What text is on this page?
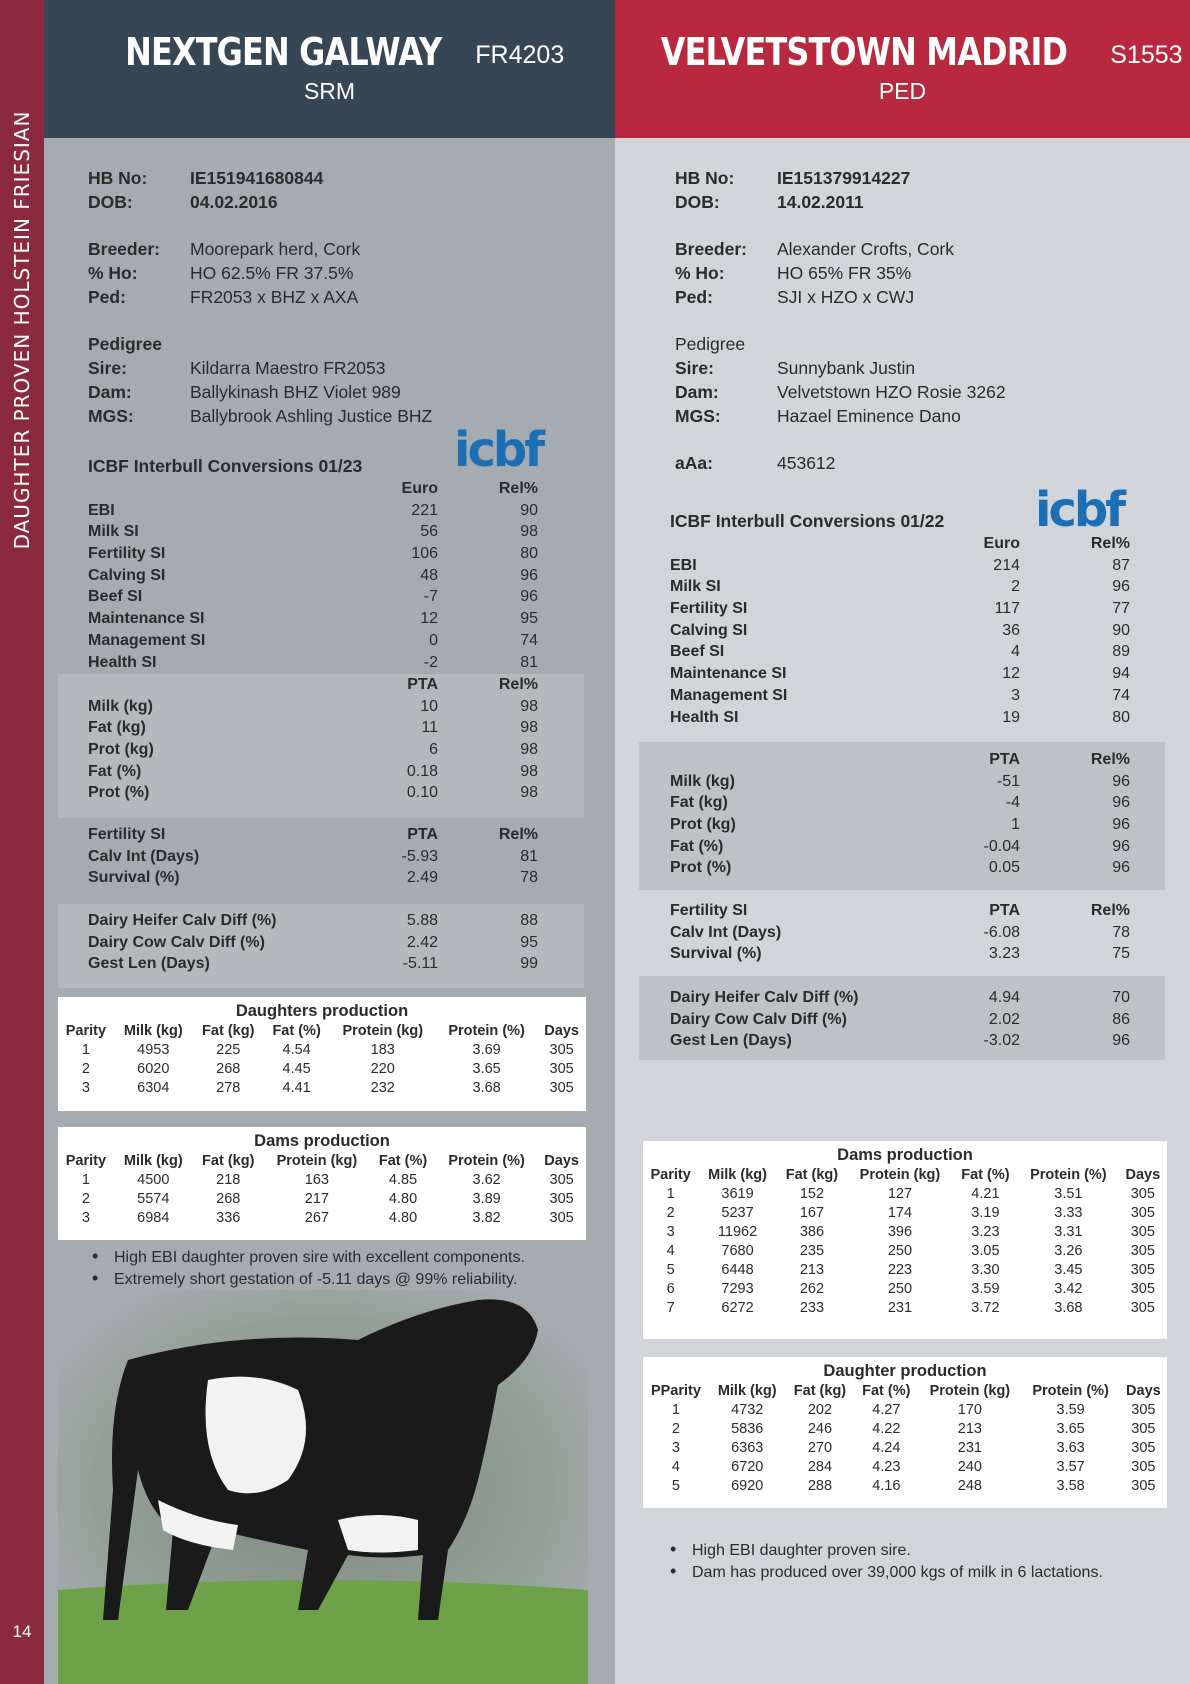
DAUGHTER PROVEN HOLSTEIN FRIESIAN
14
NEXTGEN GALWAY FR4203
SRM
HB No: IE151941680844
DOB:	04.02.2016
Breeder: Moorepark herd, Cork
% Ho:	HO 62.5% FR 37.5%
Ped:	FR2053 x BHZ x AXA
Pedigree
Sire:	Kildarra Maestro FR2053
Dam:	Ballykinash BHZ Violet 989
MGS:	Ballybrook Ashling Justice BHZ
icbf
ICBF Interbull Conversions 01/23
Euro	Rel%
EBI	221	90
Milk SI	56	98
Fertility SI	106	80
Calving SI	48	96
Beef SI	-7	96
Maintenance SI	12	95
Management SI	0	74
Health SI	-2	81
PTA	Rel%
Milk (kg)	10	98
Fat (kg)	11	98
Prot (kg)	6	98
Fat (%)	0.18	98
Prot (%)	0.10	98
Fertility SI	PTA	Rel%
Calv Int (Days)	-5.93	81
Survival (%)	2.49	78
Dairy Heifer Calv Diff (%)	5.88	88
Dairy Cow Calv Diff (%)	2.42	95
Gest Len (Days)	-5.11	99
Daughters production
Parity	Milk (kg)	Fat (kg)	Fat (%)	Protein (kg)	Protein (%)	Days
1	4953	225	4.54	183	3.69	305
2	6020	268	4.45	220	3.65	305
3	6304	278	4.41	232	3.68	305
Dams production
Parity	Milk (kg)	Fat (kg)	Protein (kg)	Fat (%)	Protein (%)	Days
1	4500	218	163	4.85	3.62	305
2	5574	268	217	4.80	3.89	305
3	6984	336	267	4.80	3.82	305
• High EBI daughter proven sire with excellent components.
• Extremely short gestation of -5.11 days @ 99% reliability.
VELVETSTOWN MADRID S1553
PED
HB No: IE151379914227
DOB:	14.02.2011
Breeder: Alexander Crofts, Cork
% Ho:	HO 65% FR 35%
Ped:	SJI x HZO x CWJ
Pedigree
Sire:	Sunnybank Justin
Dam:	Velvetstown HZO Rosie 3262
MGS:	Hazael Eminence Dano
aAa:	453612
icbf
ICBF Interbull Conversions 01/22
Euro	Rel%
EBI	214	87
Milk SI	2	96
Fertility SI	117	77
Calving SI	36	90
Beef SI	4	89
Maintenance SI	12	94
Management SI	3	74
Health SI	19	80
PTA	Rel%
Milk (kg)	-51	96
Fat (kg)	-4	96
Prot (kg)	1	96
Fat (%)	-0.04	96
Prot (%)	0.05	96
Fertility SI	PTA	Rel%
Calv Int (Days)	-6.08	78
Survival (%)	3.23	75
Dairy Heifer Calv Diff (%)	4.94	70
Dairy Cow Calv Diff (%)	2.02	86
Gest Len (Days)	-3.02	96
Dams production
Parity	Milk (kg)	Fat (kg)	Protein (kg)	Fat (%)	Protein (%)	Days
1	3619	152	127	4.21	3.51	305
2	5237	167	174	3.19	3.33	305
3	11962	386	396	3.23	3.31	305
4	7680	235	250	3.05	3.26	305
5	6448	213	223	3.30	3.45	305
6	7293	262	250	3.59	3.42	305
7	6272	233	231	3.72	3.68	305
Daughter production
PParity	Milk (kg)	Fat (kg)	Fat (%)	Protein (kg)	Protein (%)	Days
1	4732	202	4.27	170	3.59	305
2	5836	246	4.22	213	3.65	305
3	6363	270	4.24	231	3.63	305
4	6720	284	4.23	240	3.57	305
5	6920	288	4.16	248	3.58	305
• High EBI daughter proven sire.
• Dam has produced over 39,000 kgs of milk in 6 lactations.
